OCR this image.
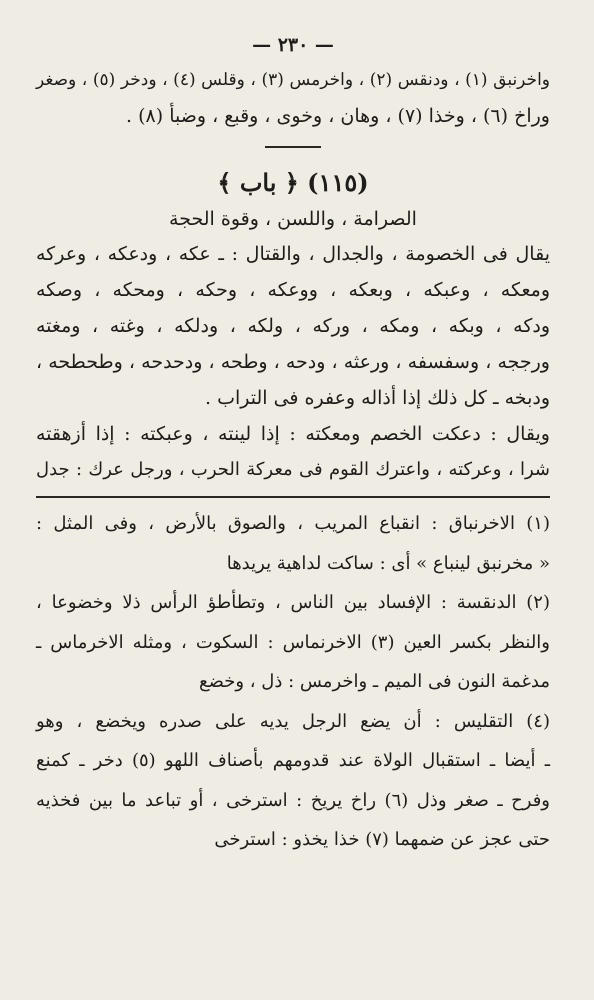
— ٢٣٠ —
واخرنبق (١) ، ودنقس (٢) ، واخرمس (٣) ، وقلس (٤) ، ودخر (٥) ، وصغر
وراخ (٦) ، وخذا (٧) ، وهان ، وخوى ، وقبع ، وضبأ (٨) .
(١١٥) ﴿ باب ﴾
الصرامة ، واللسن ، وقوة الحجة
يقال فى الخصومة ، والجدال ، والقتال : ـ عكه ، ودعكه ، وعركه
ومعكه ، وعبكه ، وبعكه ، ووعكه ، وحكه ، ومحكه ، وصكه
ودكه ، وبكه ، ومكه ، وركه ، ولكه ، ودلكه ، وغته ، ومغته
ورججه ، وسفسفه ، ورعثه ، ودحه ، وطحه ، ودحدحه ، وطحطحه ،
ودبخه ـ كل ذلك إذا أذاله وعفره فى التراب .
ويقال : دعكت الخصم ومعكته : إذا لينته ، وعبكته : إذا أزهقته
شرا ، وعركته ، واعترك القوم فى معركة الحرب ، ورجل عرك : جدل
(١) الاخرنباق : انقباع المريب ، والصوق بالأرض ، وفى المثل :
« مخرنبق لينباع » أى : ساكت لداهية يريدها
(٢) الدنقسة : الإفساد بين الناس ، وتطأطؤ الرأس ذلا وخضوعا ،
والنظر بكسر العين (٣) الاخرنماس : السكوت ، ومثله الاخرماس ـ
مدغمة النون فى الميم ـ واخرمس : ذل ، وخضع
(٤) التقليس : أن يضع الرجل يديه على صدره ويخضع ، وهو
ـ أيضا ـ استقبال الولاة عند قدومهم بأصناف اللهو (٥) دخر ـ كمنع
وفرح ـ صغر وذل (٦) راخ يريخ : استرخى ، أو تباعد ما بين فخذيه
حتى عجز عن ضمهما (٧) خذا يخذو : استرخى
